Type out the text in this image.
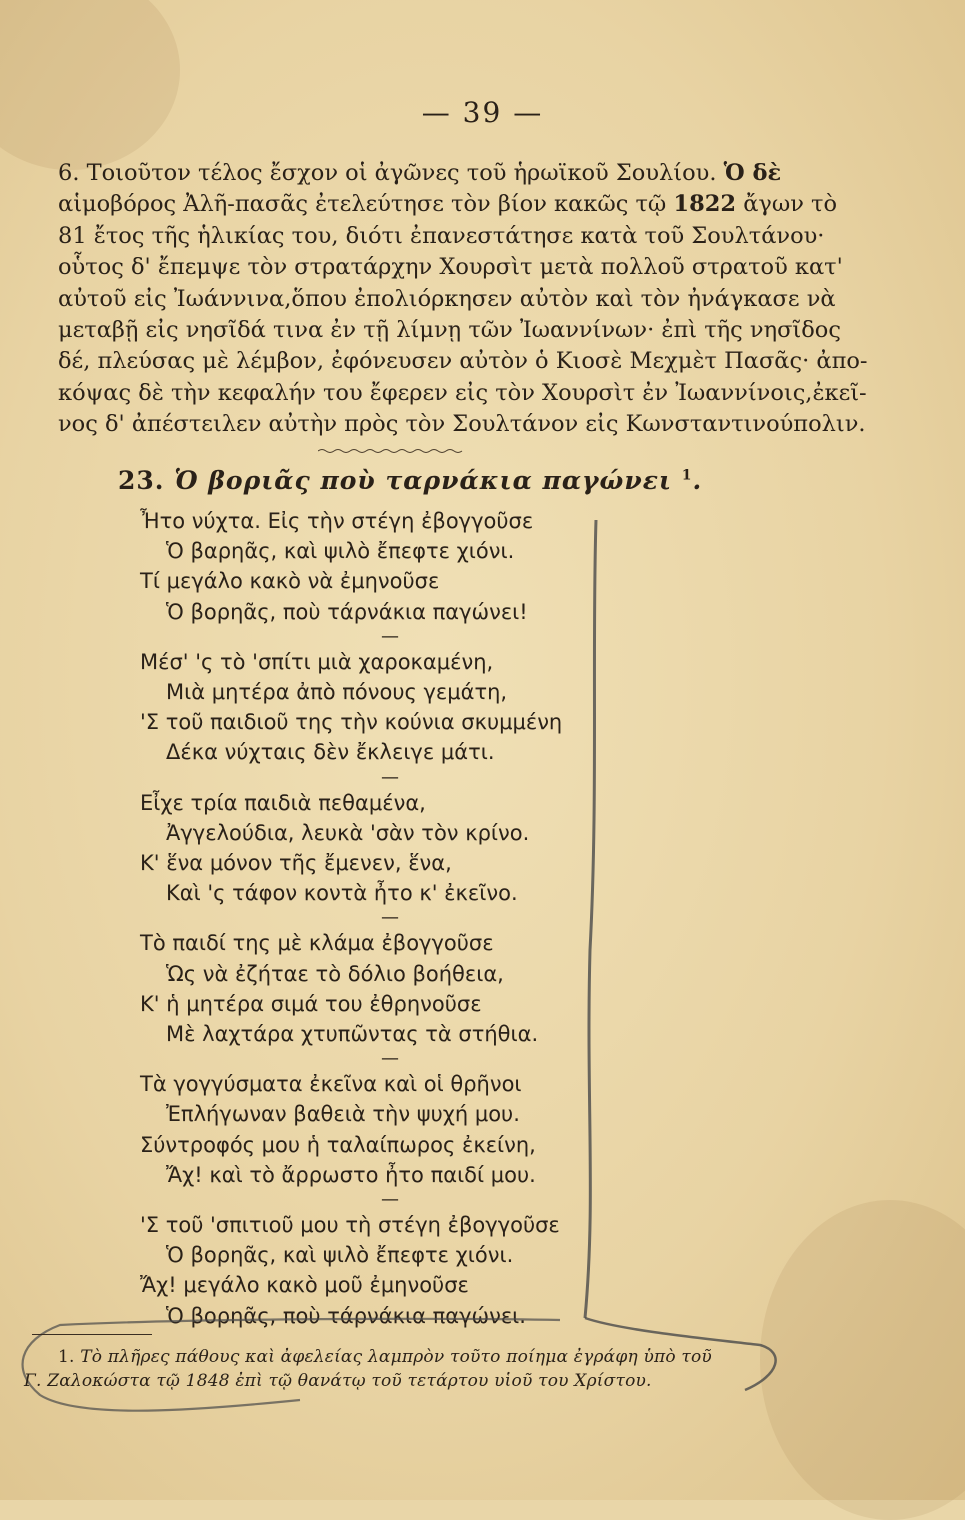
— 39 —
6. Τοιοῦτον τέλος ἔσχον οἱ ἀγῶνες τοῦ ἡρωϊκοῦ Σουλίου. Ὁ δὲ
αἱμοβόρος Ἀλῆ-πασᾶς ἐτελεύτησε τὸν βίον κακῶς τῷ 1822 ἄγων τὸ
81 ἔτος τῆς ἡλικίας του, διότι ἐπανεστάτησε κατὰ τοῦ Σουλτάνου·
οὗτος δ' ἔπεμψε τὸν στρατάρχην Χουρσὶτ μετὰ πολλοῦ στρατοῦ κατ'
αὐτοῦ εἰς Ἰωάννινα,ὅπου ἐπολιόρκησεν αὐτὸν καὶ τὸν ἠνάγκασε νὰ
μεταβῇ εἰς νησῖδά τινα ἐν τῇ λίμνῃ τῶν Ἰωαννίνων· ἐπὶ τῆς νησῖδος
δέ, πλεύσας μὲ λέμβον, ἐφόνευσεν αὐτὸν ὁ Κιοσὲ Μεχμὲτ Πασᾶς· ἀπο-
κόψας δὲ τὴν κεφαλήν του ἔφερεν εἰς τὸν Χουρσὶτ ἐν Ἰωαννίνοις,ἐκεῖ-
νος δ' ἀπέστειλεν αὐτὴν πρὸς τὸν Σουλτάνον εἰς Κωνσταντινούπολιν.
23. Ὁ βοριᾶς ποὺ ταρνάκια παγώνει $^1$.
Ἦτο νύχτα. Εἰς τὴν στέγη ἐβογγοῦσε
Ὁ βαρηᾶς, καὶ ψιλὸ ἔπεφτε χιόνι.
Τί μεγάλο κακὸ νὰ ἐμηνοῦσε
Ὁ βορηᾶς, ποὺ τάρνάκια παγώνει!
—
Μέσ' 'ς τὸ 'σπίτι μιὰ χαροκαμένη,
Μιὰ μητέρα ἀπὸ πόνους γεμάτη,
'Σ τοῦ παιδιοῦ της τὴν κούνια σκυμμένη
Δέκα νύχταις δὲν ἔκλειγε μάτι.
—
Εἶχε τρία παιδιὰ πεθαμένα,
Ἀγγελούδια, λευκὰ 'σὰν τὸν κρίνο.
Κ' ἕνα μόνον τῆς ἔμενεν, ἕνα,
Καὶ 'ς τάφον κοντὰ ἦτο κ' ἐκεῖνο.
—
Τὸ παιδί της μὲ κλάμα ἐβογγοῦσε
Ὡς νὰ ἐζήταε τὸ δόλιο βοήθεια,
Κ' ἡ μητέρα σιμά του ἐθρηνοῦσε
Μὲ λαχτάρα χτυπῶντας τὰ στήθια.
—
Τὰ γογγύσματα ἐκεῖνα καὶ οἱ θρῆνοι
Ἐπλήγωναν βαθειὰ τὴν ψυχή μου.
Σύντροφός μου ἡ ταλαίπωρος ἐκείνη,
Ἄχ! καὶ τὸ ἄρρωστο ἦτο παιδί μου.
—
'Σ τοῦ 'σπιτιοῦ μου τὴ στέγη ἐβογγοῦσε
Ὁ βορηᾶς, καὶ ψιλὸ ἔπεφτε χιόνι.
Ἄχ! μεγάλο κακὸ μοῦ ἐμηνοῦσε
Ὁ βορηᾶς, ποὺ τάρνάκια παγώνει.
1. Τὸ πλῆρες πάθους καὶ ἀφελείας λαμπρὸν τοῦτο ποίημα ἐγράφη ὑπὸ τοῦ
Γ. Ζαλοκώστα τῷ 1848 ἐπὶ τῷ θανάτῳ τοῦ τετάρτου υἱοῦ του Χρίστου.
